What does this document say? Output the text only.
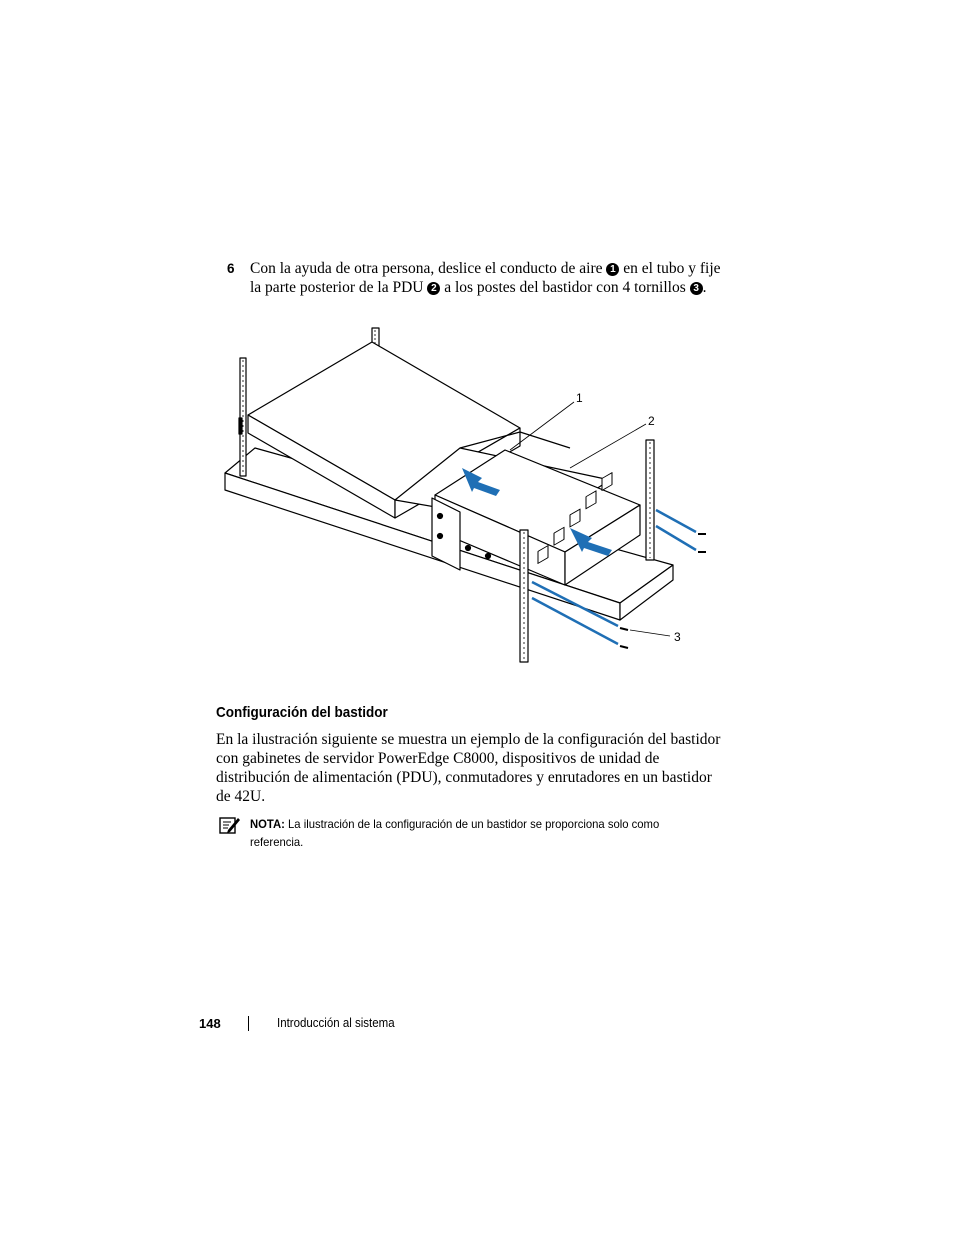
6 Con la ayuda de otra persona, deslice el conducto de aire 1 en el tubo y fije la parte posterior de la PDU 2 a los postes del bastidor con 4 tornillos 3 .
1
2
3
Configuración del bastidor
En la ilustración siguiente se muestra un ejemplo de la configuración del bastidor con gabinetes de servidor PowerEdge C8000, dispositivos de unidad de distribución de alimentación (PDU), conmutadores y enrutadores en un bastidor de 42U.
NOTA: La ilustración de la configuración de un bastidor se proporciona solo como referencia.
148	Introducción al sistema
